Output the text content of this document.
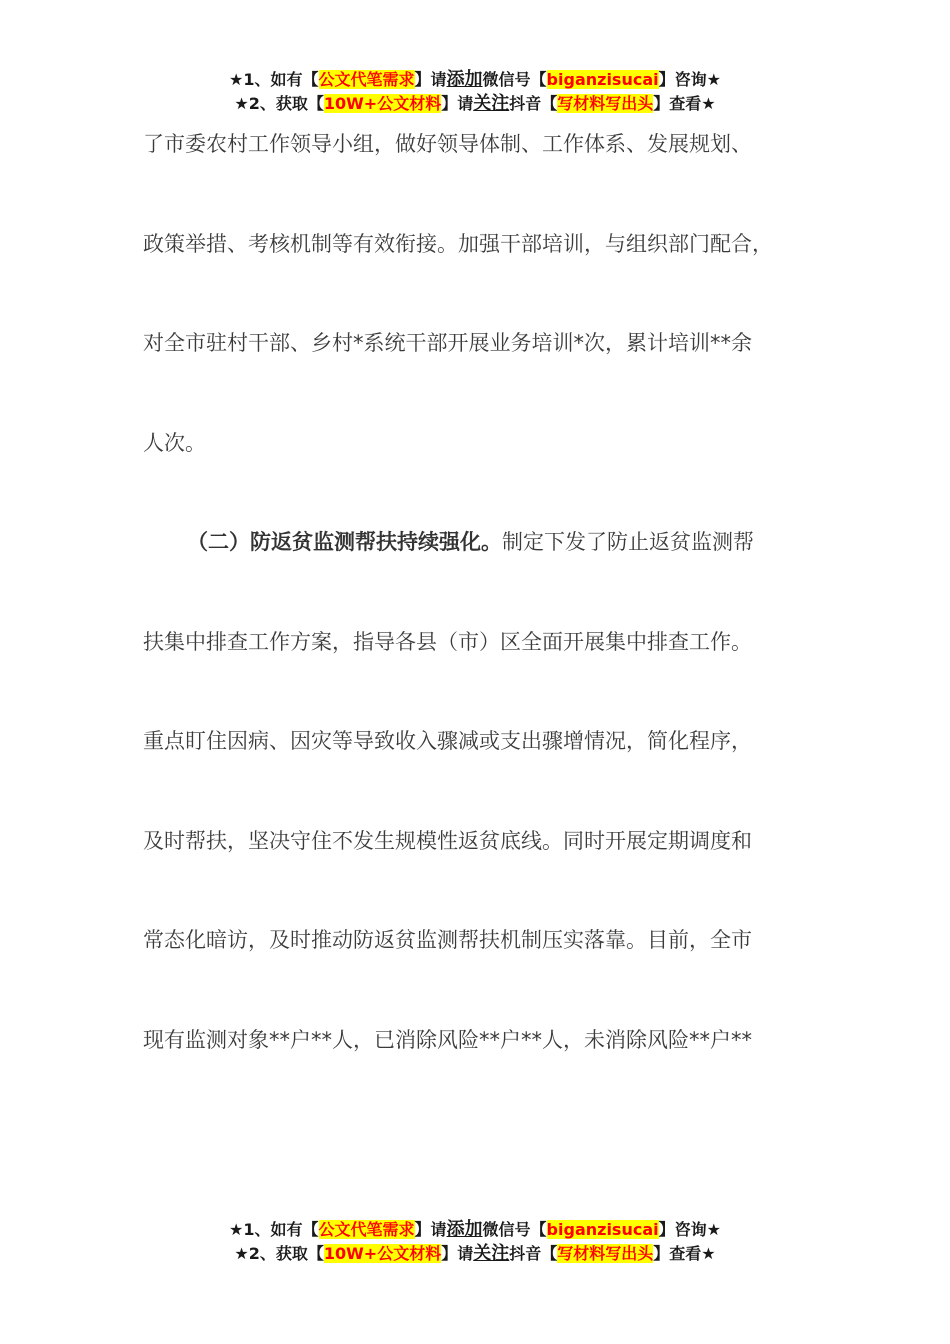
★1、如有【公文代笔需求】请添加微信号【biganzisucai】咨询★
★2、获取【10W+公文材料】请关注抖音【写材料写出头】查看★
了市委农村工作领导小组，做好领导体制、工作体系、发展规划、
政策举措、考核机制等有效衔接。加强干部培训，与组织部门配合，
对全市驻村干部、乡村*系统干部开展业务培训*次，累计培训**余
人次。
（二）防返贫监测帮扶持续强化。制定下发了防止返贫监测帮
扶集中排查工作方案，指导各县（市）区全面开展集中排查工作。
重点盯住因病、因灾等导致收入骤减或支出骤增情况，简化程序，
及时帮扶，坚决守住不发生规模性返贫底线。同时开展定期调度和
常态化暗访，及时推动防返贫监测帮扶机制压实落靠。目前，全市
现有监测对象**户**人，已消除风险**户**人，未消除风险**户**
★1、如有【公文代笔需求】请添加微信号【biganzisucai】咨询★
★2、获取【10W+公文材料】请关注抖音【写材料写出头】查看★
